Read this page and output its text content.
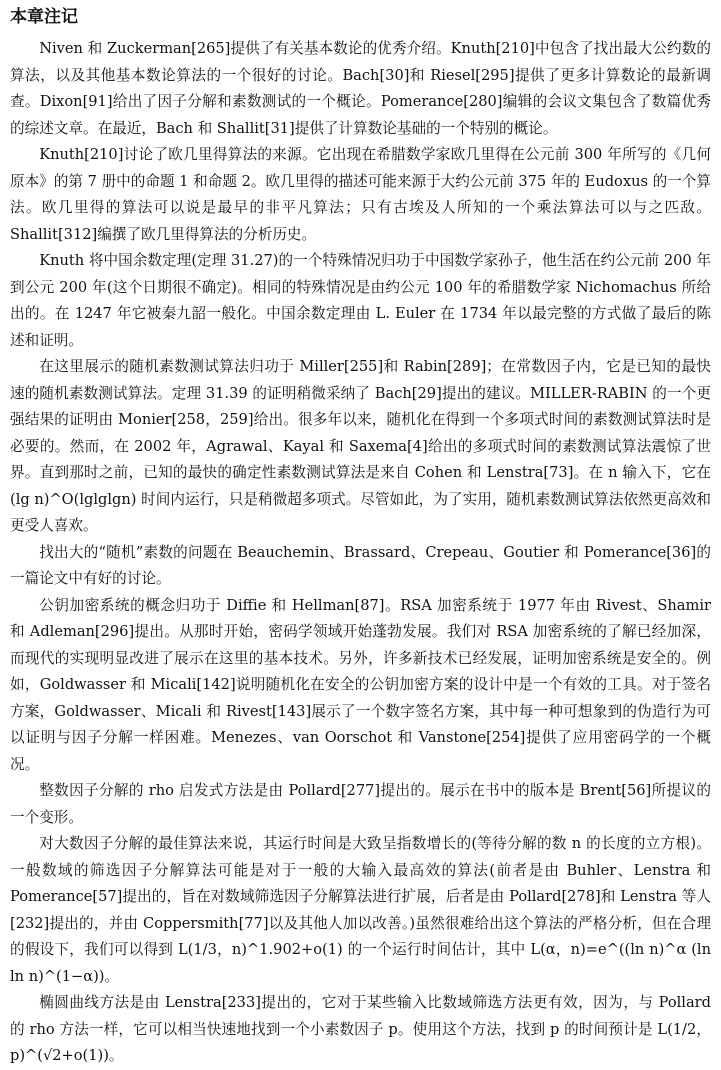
本章注记

Niven 和 Zuckerman[265]提供了有关基本数论的优秀介绍。Knuth[210]中包含了找出最大公约数的算法，以及其他基本数论算法的一个很好的讨论。Bach[30]和 Riesel[295]提供了更多计算数论的最新调查。Dixon[91]给出了因子分解和素数测试的一个概论。Pomerance[280]编辑的会议文集包含了数篇优秀的综述文章。在最近，Bach 和 Shallit[31]提供了计算数论基础的一个特别的概论。

Knuth[210]讨论了欧几里得算法的来源。它出现在希腊数学家欧几里得在公元前 300 年所写的《几何原本》的第 7 册中的命题 1 和命题 2。欧几里得的描述可能来源于大约公元前 375 年的 Eudoxus 的一个算法。欧几里得的算法可以说是最早的非平凡算法；只有古埃及人所知的一个乘法算法可以与之匹敌。Shallit[312]编撰了欧几里得算法的分析历史。

Knuth 将中国余数定理(定理 31.27)的一个特殊情况归功于中国数学家孙子，他生活在约公元前 200 年到公元 200 年(这个日期很不确定)。相同的特殊情况是由约公元 100 年的希腊数学家 Nichomachus 所给出的。在 1247 年它被秦九韶一般化。中国余数定理由 L. Euler 在 1734 年以最完整的方式做了最后的陈述和证明。

在这里展示的随机素数测试算法归功于 Miller[255]和 Rabin[289]；在常数因子内，它是已知的最快速的随机素数测试算法。定理 31.39 的证明稍微采纳了 Bach[29]提出的建议。MILLER-RABIN 的一个更强结果的证明由 Monier[258，259]给出。很多年以来，随机化在得到一个多项式时间的素数测试算法时是必要的。然而，在 2002 年，Agrawal、Kayal 和 Saxema[4]给出的多项式时间的素数测试算法震惊了世界。直到那时之前，已知的最快的确定性素数测试算法是来自 Cohen 和 Lenstra[73]。在 n 输入下，它在(lg n)^O(lglglgn) 时间内运行，只是稍微超多项式。尽管如此，为了实用，随机素数测试算法依然更高效和更受人喜欢。

找出大的“随机”素数的问题在 Beauchemin、Brassard、Crepeau、Goutier 和 Pomerance[36]的一篇论文中有好的讨论。

公钥加密系统的概念归功于 Diffie 和 Hellman[87]。RSA 加密系统于 1977 年由 Rivest、Shamir 和 Adleman[296]提出。从那时开始，密码学领域开始蓬勃发展。我们对 RSA 加密系统的了解已经加深，而现代的实现明显改进了展示在这里的基本技术。另外，许多新技术已经发展，证明加密系统是安全的。例如，Goldwasser 和 Micali[142]说明随机化在安全的公钥加密方案的设计中是一个有效的工具。对于签名方案，Goldwasser、Micali 和 Rivest[143]展示了一个数字签名方案，其中每一种可想象到的伪造行为可以证明与因子分解一样困难。Menezes、van Oorschot 和 Vanstone[254]提供了应用密码学的一个概况。

整数因子分解的 rho 启发式方法是由 Pollard[277]提出的。展示在书中的版本是 Brent[56]所提议的一个变形。

对大数因子分解的最佳算法来说，其运行时间是大致呈指数增长的(等待分解的数 n 的长度的立方根)。一般数域的筛选因子分解算法可能是对于一般的大输入最高效的算法(前者是由 Buhler、Lenstra 和 Pomerance[57]提出的，旨在对数域筛选因子分解算法进行扩展，后者是由 Pollard[278]和 Lenstra 等人[232]提出的，并由 Coppersmith[77]以及其他人加以改善。)虽然很难给出这个算法的严格分析，但在合理的假设下，我们可以得到 L(1/3，n)^1.902+o(1) 的一个运行时间估计，其中 L(α，n)=e^((ln n)^α (ln ln n)^(1−α))。

椭圆曲线方法是由 Lenstra[233]提出的，它对于某些输入比数域筛选方法更有效，因为，与 Pollard 的 rho 方法一样，它可以相当快速地找到一个小素数因子 p。使用这个方法，找到 p 的时间预计是 L(1/2，p)^(√2+o(1))。
